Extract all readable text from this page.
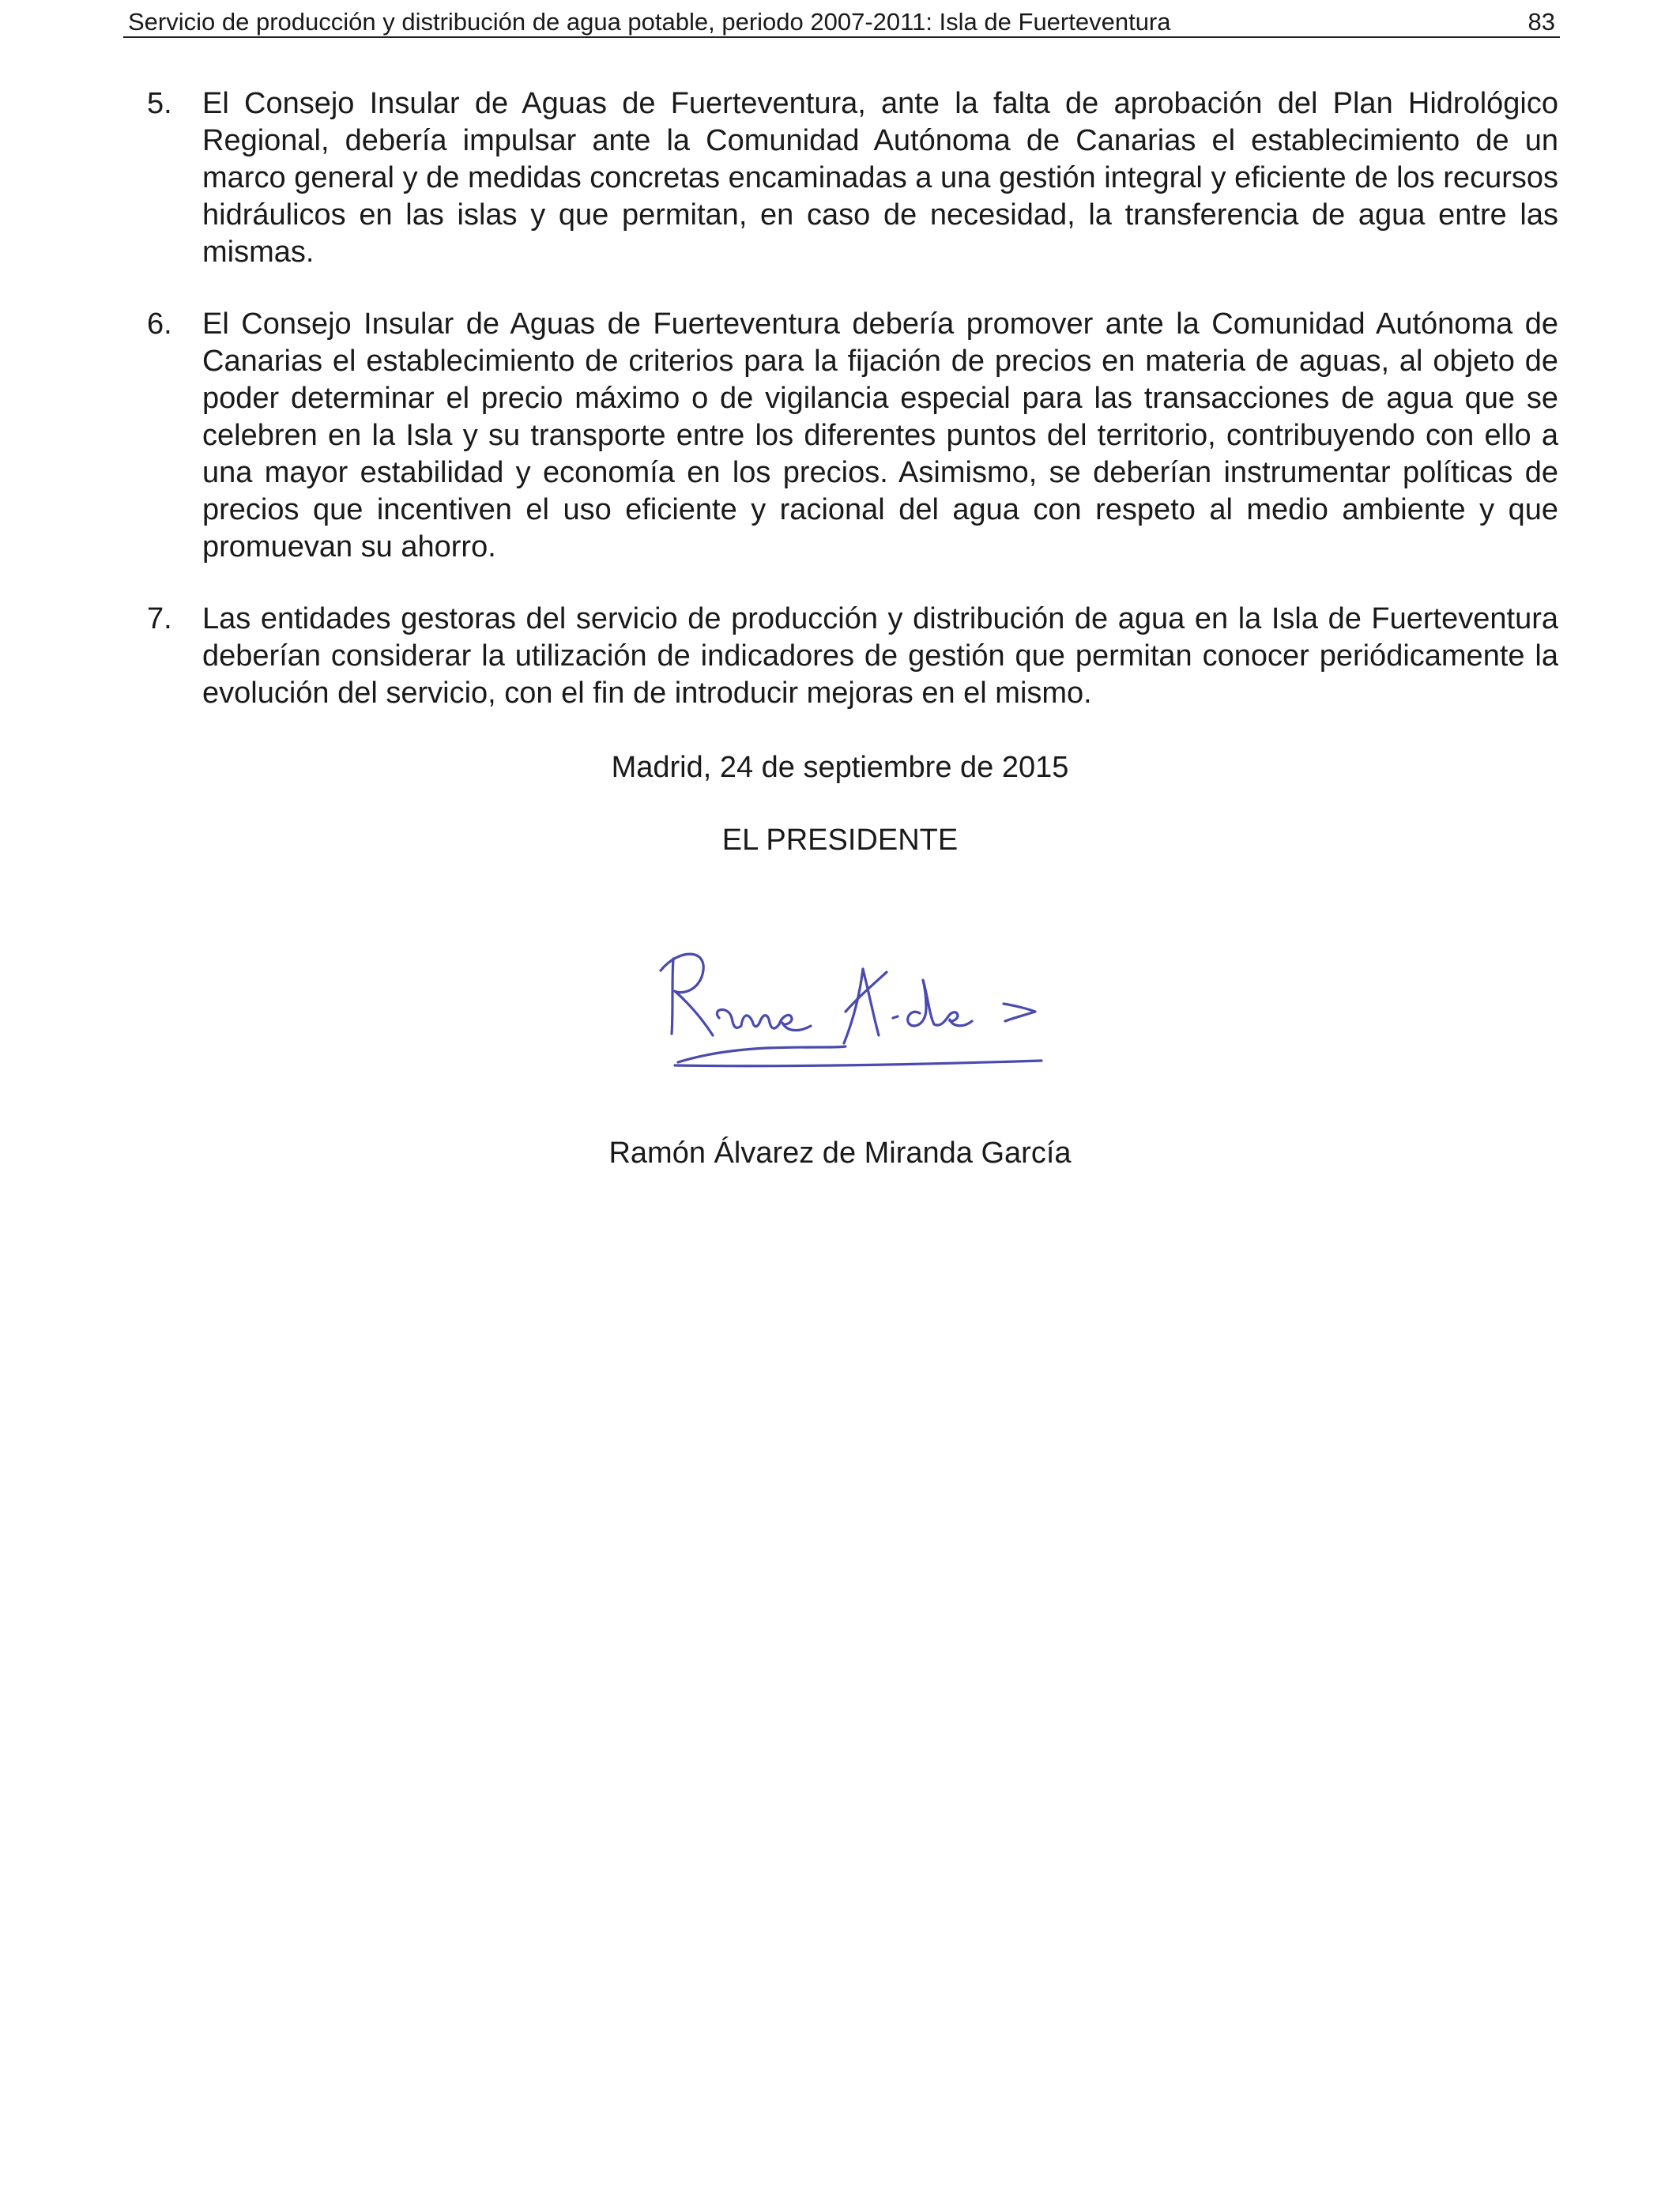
Servicio de producción y distribución de agua potable, periodo 2007-2011: Isla de Fuerteventura	83
5. El Consejo Insular de Aguas de Fuerteventura, ante la falta de aprobación del Plan Hidrológico Regional, debería impulsar ante la Comunidad Autónoma de Canarias el establecimiento de un marco general y de medidas concretas encaminadas a una gestión integral y eficiente de los recursos hidráulicos en las islas y que permitan, en caso de necesidad, la transferencia de agua entre las mismas.
6. El Consejo Insular de Aguas de Fuerteventura debería promover ante la Comunidad Autónoma de Canarias el establecimiento de criterios para la fijación de precios en materia de aguas, al objeto de poder determinar el precio máximo o de vigilancia especial para las transacciones de agua que se celebren en la Isla y su transporte entre los diferentes puntos del territorio, contribuyendo con ello a una mayor estabilidad y economía en los precios. Asimismo, se deberían instrumentar políticas de precios que incentiven el uso eficiente y racional del agua con respeto al medio ambiente y que promuevan su ahorro.
7. Las entidades gestoras del servicio de producción y distribución de agua en la Isla de Fuerteventura deberían considerar la utilización de indicadores de gestión que permitan conocer periódicamente la evolución del servicio, con el fin de introducir mejoras en el mismo.
Madrid, 24 de septiembre de 2015
EL PRESIDENTE
Ramón Álvarez de Miranda García
